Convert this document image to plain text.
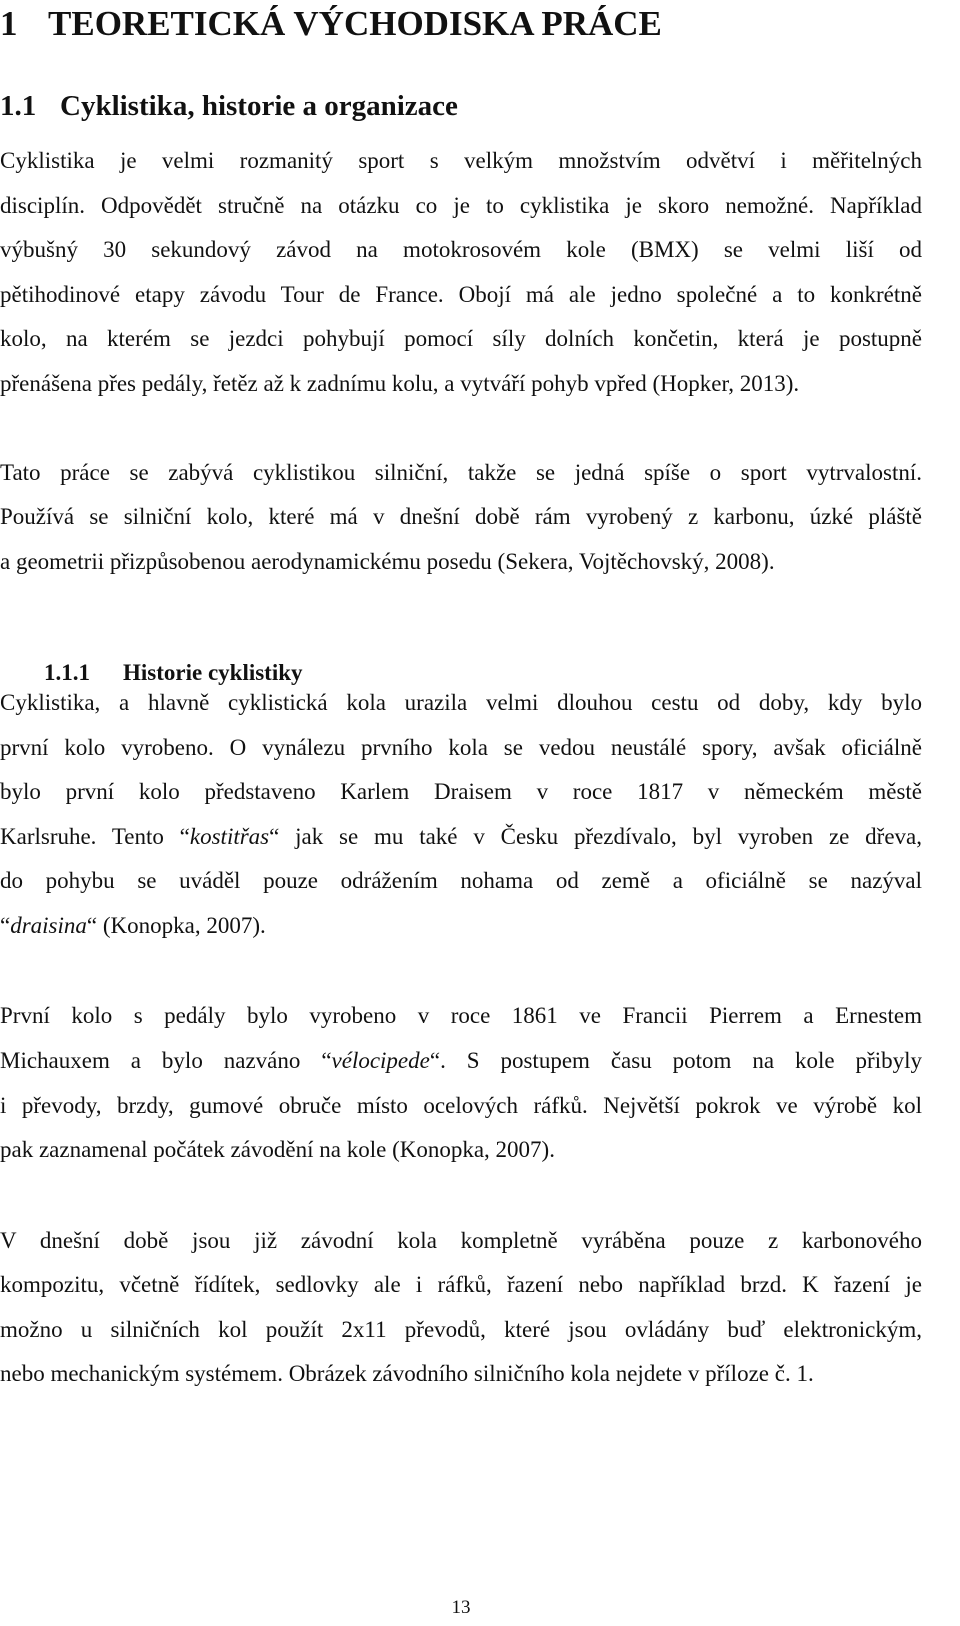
1 TEORETICKÁ VÝCHODISKA PRÁCE
1.1 Cyklistika, historie a organizace

Cyklistika je velmi rozmanitý sport s velkým množstvím odvětví i měřitelných

disciplín. Odpovědět stručně na otázku co je to cyklistika je skoro nemožné. Například

výbušný 30 sekundový závod na motokrosovém kole (BMX) se velmi liší od

pětihodinové etapy závodu Tour de France. Obojí má ale jedno společné a to konkrétně

kolo, na kterém se jezdci pohybují pomocí síly dolních končetin, která je postupně

přenášena přes pedály, řetěz až k zadnímu kolu, a vytváří pohyb vpřed (Hopker, 2013).

Tato práce se zabývá cyklistikou silniční, takže se jedná spíše o sport vytrvalostní.

Používá se silniční kolo, které má v dnešní době rám vyrobený z karbonu, úzké pláště

a geometrii přizpůsobenou aerodynamickému posedu (Sekera, Vojtěchovský, 2008).

1.1.1 Historie cyklistiky

Cyklistika, a hlavně cyklistická kola urazila velmi dlouhou cestu od doby, kdy bylo

první kolo vyrobeno. O vynálezu prvního kola se vedou neustálé spory, avšak oficiálně

bylo první kolo představeno Karlem Draisem v roce 1817 v německém městě

Karlsruhe. Tento “kostitřas“ jak se mu také v Česku přezdívalo, byl vyroben ze dřeva,

do pohybu se uváděl pouze odrážením nohama od země a oficiálně se nazýval

“draisina“ (Konopka, 2007).

První kolo s pedály bylo vyrobeno v roce 1861 ve Francii Pierrem a Ernestem

Michauxem a bylo nazváno “vélocipede“. S postupem času potom na kole přibyly

i převody, brzdy, gumové obruče místo ocelových ráfků. Největší pokrok ve výrobě kol

pak zaznamenal počátek závodění na kole (Konopka, 2007).

V dnešní době jsou již závodní kola kompletně vyráběna pouze z karbonového

kompozitu, včetně řídítek, sedlovky ale i ráfků, řazení nebo například brzd. K řazení je

možno u silničních kol použít 2x11 převodů, které jsou ovládány buď elektronickým,

nebo mechanickým systémem. Obrázek závodního silničního kola nejdete v příloze č. 1.

13
